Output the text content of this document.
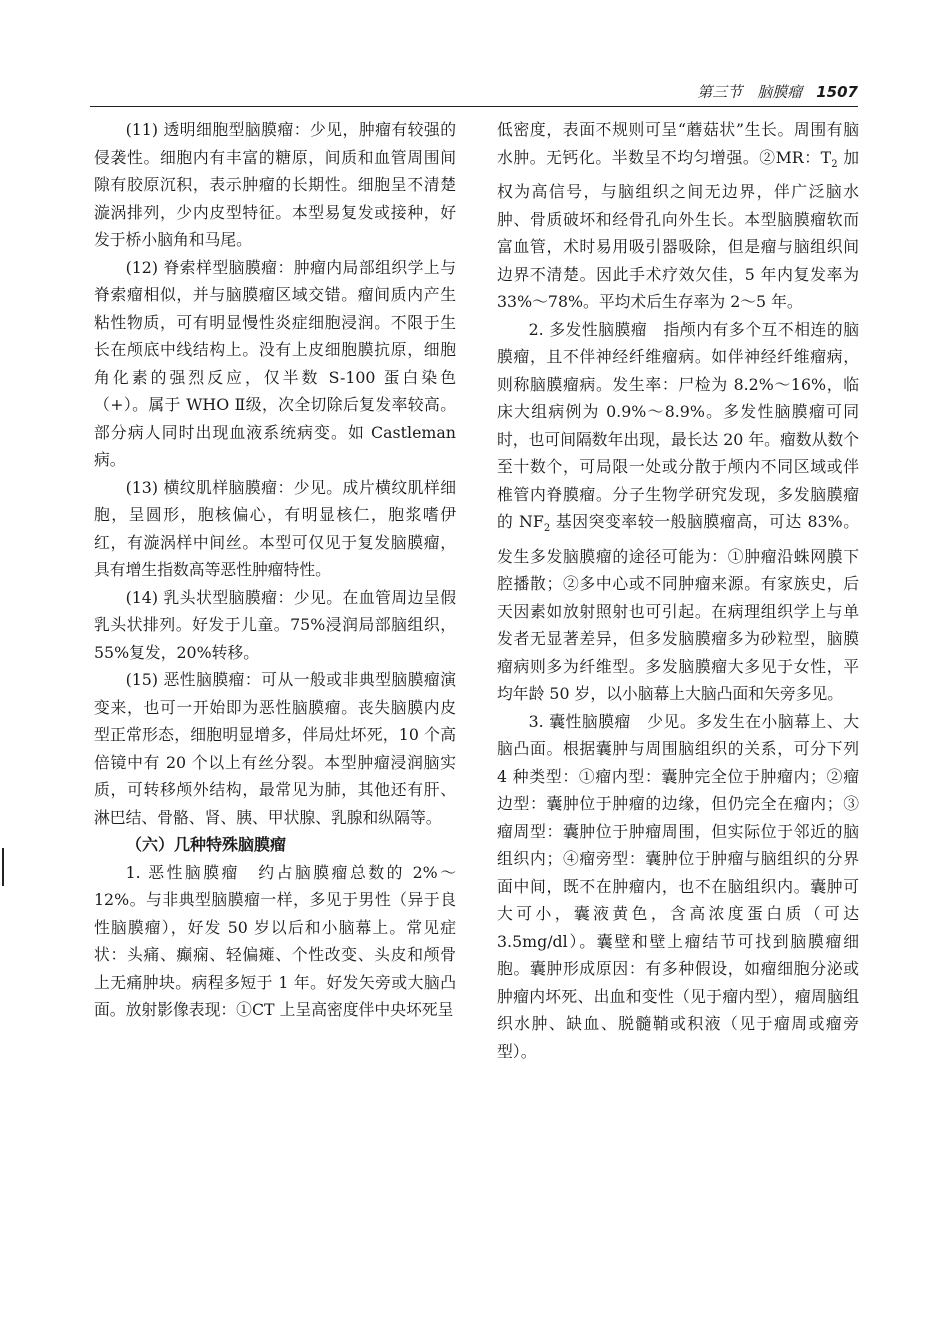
第三节　脑膜瘤 1507

(11) 透明细胞型脑膜瘤：少见，肿瘤有较强的侵袭性。细胞内有丰富的糖原，间质和血管周围间隙有胶原沉积，表示肿瘤的长期性。细胞呈不清楚漩涡排列，少内皮型特征。本型易复发或接种，好发于桥小脑角和马尾。

(12) 脊索样型脑膜瘤：肿瘤内局部组织学上与脊索瘤相似，并与脑膜瘤区域交错。瘤间质内产生粘性物质，可有明显慢性炎症细胞浸润。不限于生长在颅底中线结构上。没有上皮细胞膜抗原，细胞角化素的强烈反应，仅半数 S-100 蛋白染色（+）。属于 WHO Ⅱ级，次全切除后复发率较高。部分病人同时出现血液系统病变。如 Castleman 病。

(13) 横纹肌样脑膜瘤：少见。成片横纹肌样细胞，呈圆形，胞核偏心，有明显核仁，胞浆嗜伊红，有漩涡样中间丝。本型可仅见于复发脑膜瘤，具有增生指数高等恶性肿瘤特性。

(14) 乳头状型脑膜瘤：少见。在血管周边呈假乳头状排列。好发于儿童。75%浸润局部脑组织，55%复发，20%转移。

(15) 恶性脑膜瘤：可从一般或非典型脑膜瘤演变来，也可一开始即为恶性脑膜瘤。丧失脑膜内皮型正常形态，细胞明显增多，伴局灶坏死，10 个高倍镜中有 20 个以上有丝分裂。本型肿瘤浸润脑实质，可转移颅外结构，最常见为肺，其他还有肝、淋巴结、骨骼、肾、胰、甲状腺、乳腺和纵隔等。

（六）几种特殊脑膜瘤

1. 恶性脑膜瘤　约占脑膜瘤总数的 2%～12%。与非典型脑膜瘤一样，多见于男性（异于良性脑膜瘤），好发 50 岁以后和小脑幕上。常见症状：头痛、癫痫、轻偏瘫、个性改变、头皮和颅骨上无痛肿块。病程多短于 1 年。好发矢旁或大脑凸面。放射影像表现：①CT 上呈高密度伴中央坏死呈

低密度，表面不规则可呈“蘑菇状”生长。周围有脑水肿。无钙化。半数呈不均匀增强。②MR：$T_2$ 加权为高信号，与脑组织之间无边界，伴广泛脑水肿、骨质破坏和经骨孔向外生长。本型脑膜瘤软而富血管，术时易用吸引器吸除，但是瘤与脑组织间边界不清楚。因此手术疗效欠佳，5 年内复发率为 33%～78%。平均术后生存率为 2～5 年。

2. 多发性脑膜瘤　指颅内有多个互不相连的脑膜瘤，且不伴神经纤维瘤病。如伴神经纤维瘤病，则称脑膜瘤病。发生率：尸检为 8.2%～16%，临床大组病例为 0.9%～8.9%。多发性脑膜瘤可同时，也可间隔数年出现，最长达 20 年。瘤数从数个至十数个，可局限一处或分散于颅内不同区域或伴椎管内脊膜瘤。分子生物学研究发现，多发脑膜瘤的 $NF_2$ 基因突变率较一般脑膜瘤高，可达 83%。发生多发脑膜瘤的途径可能为：①肿瘤沿蛛网膜下腔播散；②多中心或不同肿瘤来源。有家族史，后天因素如放射照射也可引起。在病理组织学上与单发者无显著差异，但多发脑膜瘤多为砂粒型，脑膜瘤病则多为纤维型。多发脑膜瘤大多见于女性，平均年龄 50 岁，以小脑幕上大脑凸面和矢旁多见。

3. 囊性脑膜瘤　少见。多发生在小脑幕上、大脑凸面。根据囊肿与周围脑组织的关系，可分下列 4 种类型：①瘤内型：囊肿完全位于肿瘤内；②瘤边型：囊肿位于肿瘤的边缘，但仍完全在瘤内；③瘤周型：囊肿位于肿瘤周围，但实际位于邻近的脑组织内；④瘤旁型：囊肿位于肿瘤与脑组织的分界面中间，既不在肿瘤内，也不在脑组织内。囊肿可大可小，囊液黄色，含高浓度蛋白质（可达 3.5mg/dl）。囊壁和壁上瘤结节可找到脑膜瘤细胞。囊肿形成原因：有多种假设，如瘤细胞分泌或肿瘤内坏死、出血和变性（见于瘤内型），瘤周脑组织水肿、缺血、脱髓鞘或积液（见于瘤周或瘤旁型）。
